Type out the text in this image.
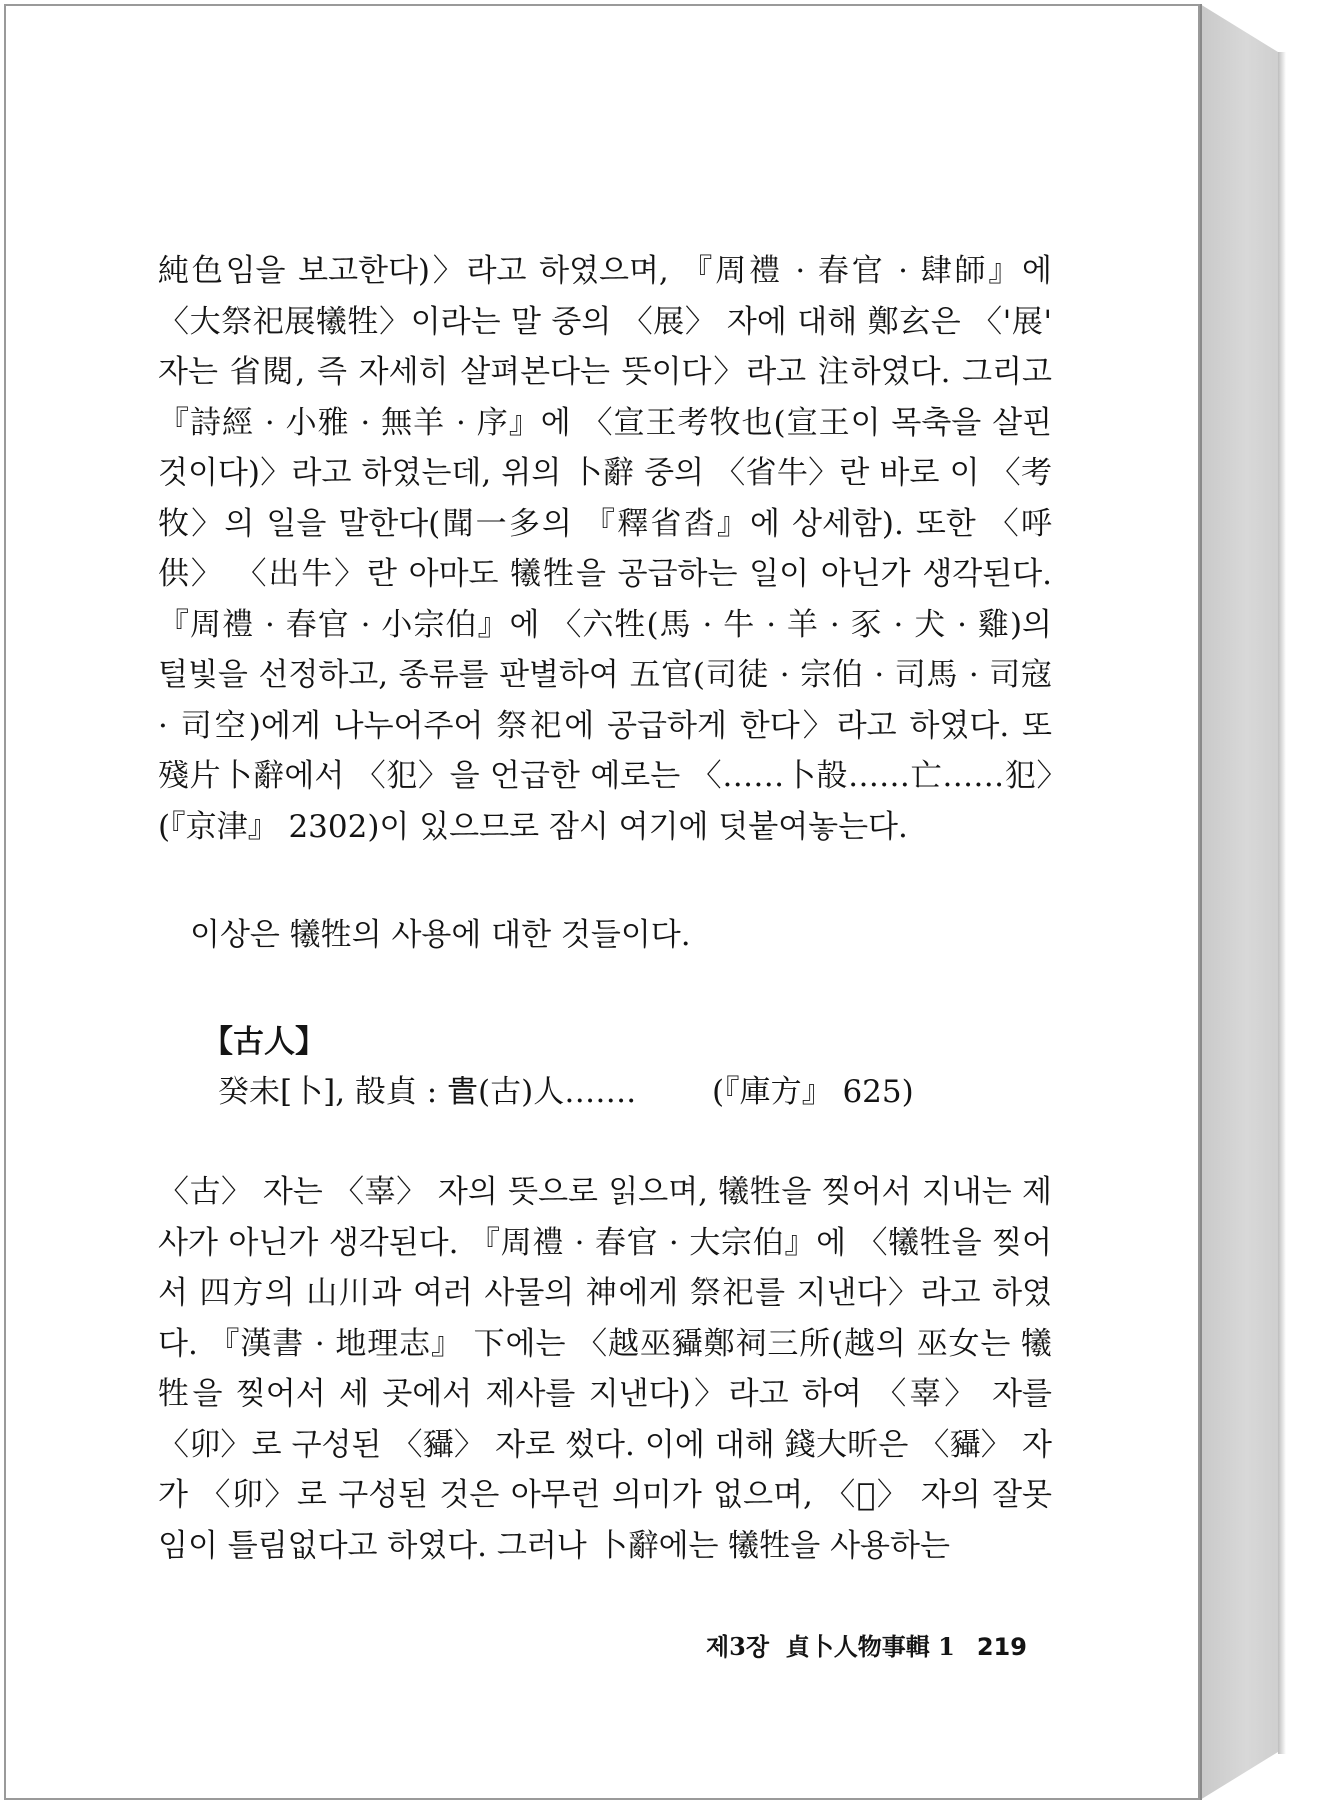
純色임을 보고한다)〉라고 하였으며, 『周禮 · 春官 · 肆師』에 〈大祭祀展犧牲〉이라는 말 중의 〈展〉 자에 대해 鄭玄은 〈'展' 자는 省閱, 즉 자세히 살펴본다는 뜻이다〉라고 注하였다. 그리고 『詩經 · 小雅 · 無羊 · 序』에 〈宣王考牧也(宣王이 목축을 살핀 것이다)〉라고 하였는데, 위의 卜辭 중의 〈省牛〉란 바로 이 〈考牧〉의 일을 말한다(聞一多의 『釋省㳫』에 상세함). 또한 〈呼供〉 〈出牛〉란 아마도 犧牲을 공급하는 일이 아닌가 생각된다. 『周禮 · 春官 · 小宗伯』에 〈六牲(馬 · 牛 · 羊 · 豕 · 犬 · 雞)의 털빛을 선정하고, 종류를 판별하여 五官(司徒 · 宗伯 · 司馬 · 司寇 · 司空)에게 나누어주어 祭祀에 공급하게 한다〉라고 하였다. 또 殘片卜辭에서 〈犯〉을 언급한 예로는 〈……卜㱿……亡……犯〉(『京津』 2302)이 있으므로 잠시 여기에 덧붙여놓는다.

이상은 犧牲의 사용에 대한 것들이다.

【古人】

癸未[卜], 㱿貞 : 𠳋(古)人…….	(『庫方』 625)

〈古〉 자는 〈辜〉 자의 뜻으로 읽으며, 犧牲을 찢어서 지내는 제사가 아닌가 생각된다. 『周禮 · 春官 · 大宗伯』에 〈犧牲을 찢어서 四方의 山川과 여러 사물의 神에게 祭祀를 지낸다〉라고 하였다. 『漢書 · 地理志』 下에는 〈越巫䝕鄭祠三所(越의 巫女는 犧牲을 찢어서 세 곳에서 제사를 지낸다)〉라고 하여 〈辜〉 자를 〈卯〉로 구성된 〈䝕〉 자로 썼다. 이에 대해 錢大昕은 〈䝕〉 자가 〈卯〉로 구성된 것은 아무런 의미가 없으며, 〈𥙧〉 자의 잘못임이 틀림없다고 하였다. 그러나 卜辭에는 犧牲을 사용하는

제3장  貞卜人物事輯 1 219
